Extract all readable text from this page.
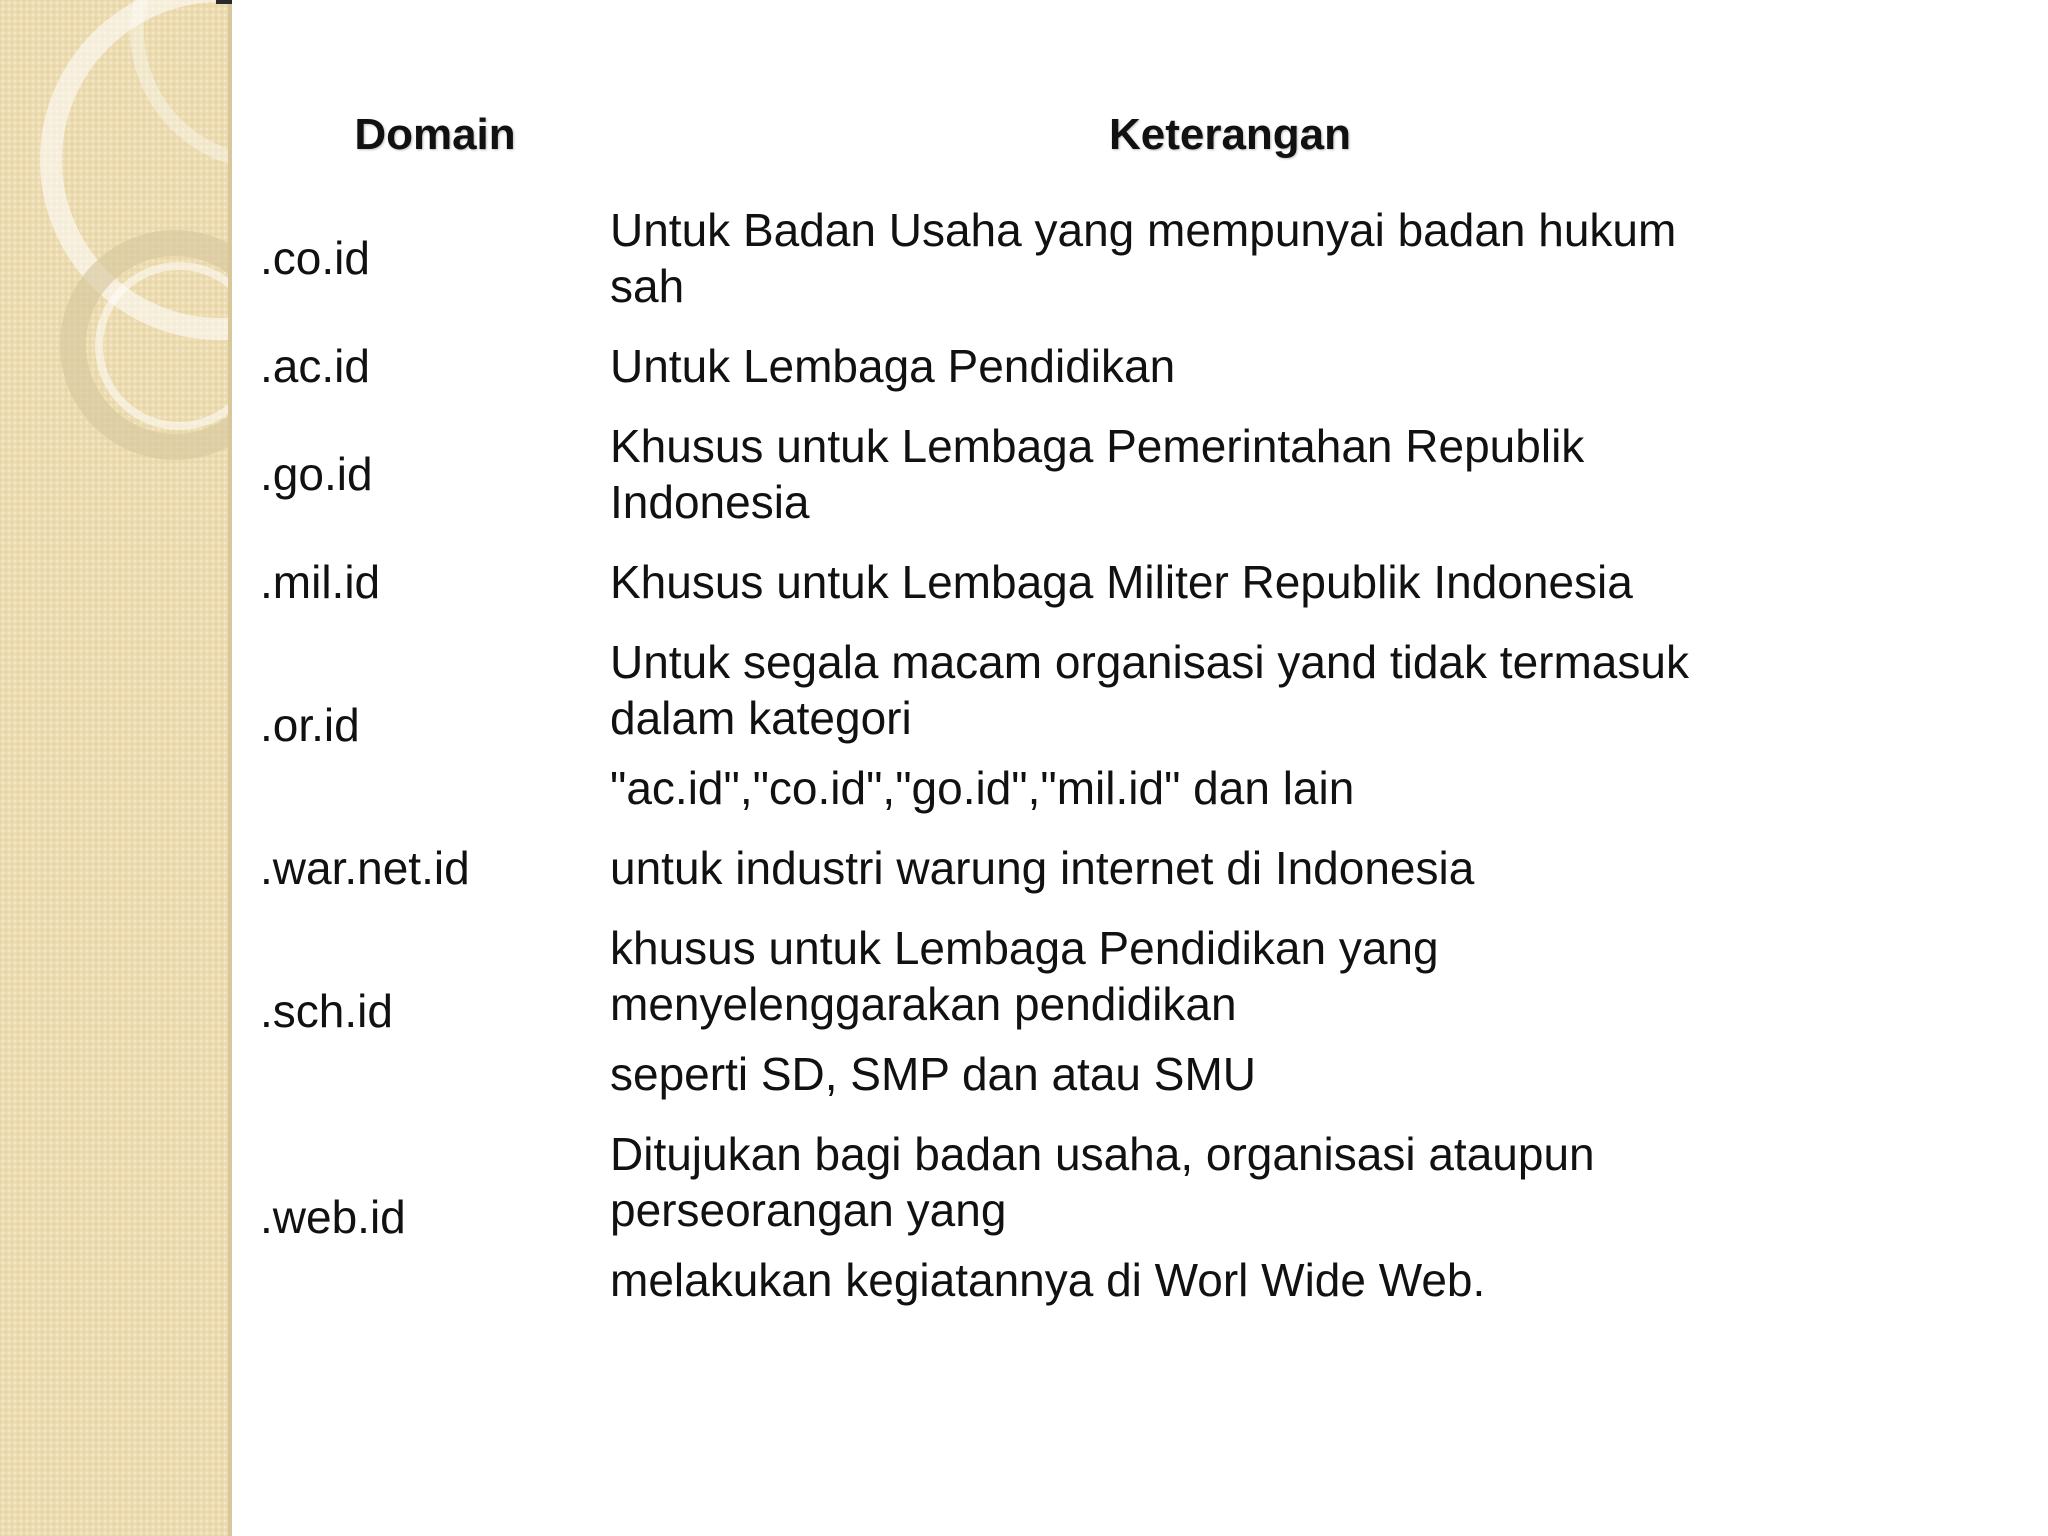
Domain	Keterangan
.co.id	Untuk Badan Usaha yang mempunyai badan hukum
sah

.ac.id	Untuk Lembaga Pendidikan

.go.id	Khusus untuk Lembaga Pemerintahan Republik
Indonesia

.mil.id	Khusus untuk Lembaga Militer Republik Indonesia

.or.id	Untuk segala macam organisasi yand tidak termasuk
dalam kategori
"ac.id","co.id","go.id","mil.id" dan lain

.war.net.id	untuk industri warung internet di Indonesia

.sch.id	khusus untuk Lembaga Pendidikan yang
menyelenggarakan pendidikan
seperti SD, SMP dan atau SMU

.web.id	Ditujukan bagi badan usaha, organisasi ataupun
perseorangan yang
melakukan kegiatannya di Worl Wide Web.
